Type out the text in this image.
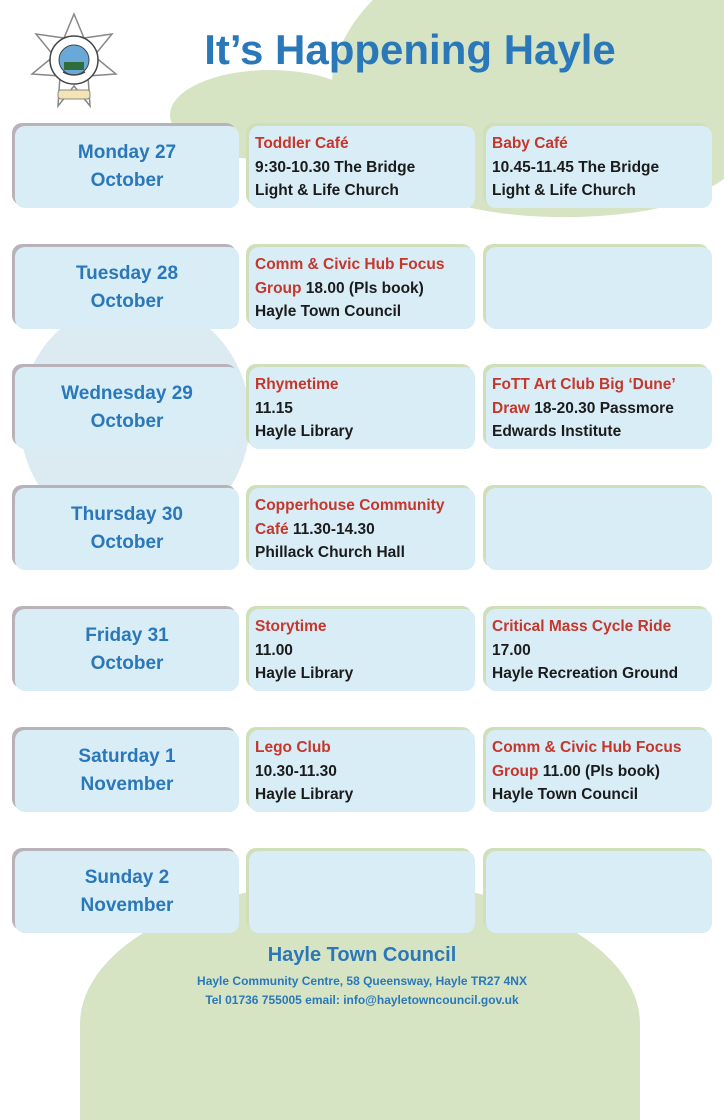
It’s Happening Hayle
Monday 27
October
Toddler Café
9:30-10.30 The Bridge
Light & Life Church
Baby Café
10.45-11.45 The Bridge
Light & Life Church
Tuesday 28
October
Comm & Civic Hub Focus
Group 18.00 (Pls book)
Hayle Town Council
Wednesday 29
October
Rhymetime
11.15
Hayle Library
FoTT Art Club Big ‘Dune’
Draw 18-20.30 Passmore
Edwards Institute
Thursday 30
October
Copperhouse Community
Café 11.30-14.30
Phillack Church Hall
Friday 31
October
Storytime
11.00
Hayle Library
Critical Mass Cycle Ride
17.00
Hayle Recreation Ground
Saturday 1
November
Lego Club
10.30-11.30
Hayle Library
Comm & Civic Hub Focus
Group 11.00 (Pls book)
Hayle Town Council
Sunday 2
November
Hayle Town Council
Hayle Community Centre, 58 Queensway, Hayle TR27 4NX
Tel 01736 755005 email: info@hayletowncouncil.gov.uk
